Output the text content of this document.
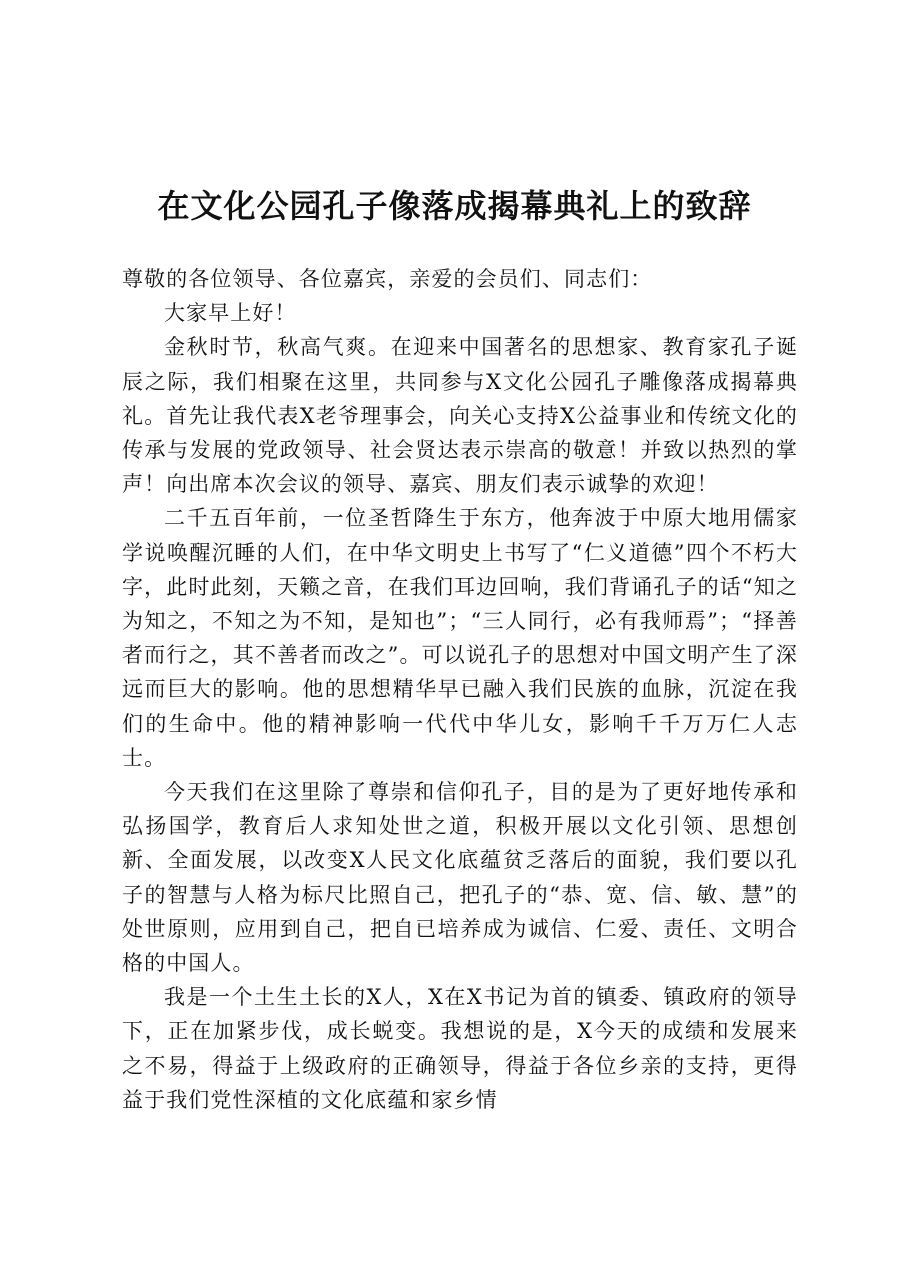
在文化公园孔子像落成揭幕典礼上的致辞

尊敬的各位领导、各位嘉宾，亲爱的会员们、同志们：

大家早上好！

金秋时节，秋高气爽。在迎来中国著名的思想家、教育家孔子诞辰之际，我们相聚在这里，共同参与X文化公园孔子雕像落成揭幕典礼。首先让我代表X老爷理事会，向关心支持X公益事业和传统文化的传承与发展的党政领导、社会贤达表示崇高的敬意！并致以热烈的掌声！向出席本次会议的领导、嘉宾、朋友们表示诚挚的欢迎！

二千五百年前，一位圣哲降生于东方，他奔波于中原大地用儒家学说唤醒沉睡的人们，在中华文明史上书写了“仁义道德”四个不朽大字，此时此刻，天籁之音，在我们耳边回响，我们背诵孔子的话“知之为知之，不知之为不知，是知也”；“三人同行，必有我师焉”；“择善者而行之，其不善者而改之”。可以说孔子的思想对中国文明产生了深远而巨大的影响。他的思想精华早已融入我们民族的血脉，沉淀在我们的生命中。他的精神影响一代代中华儿女，影响千千万万仁人志士。

今天我们在这里除了尊崇和信仰孔子，目的是为了更好地传承和弘扬国学，教育后人求知处世之道，积极开展以文化引领、思想创新、全面发展，以改变X人民文化底蕴贫乏落后的面貌，我们要以孔子的智慧与人格为标尺比照自己，把孔子的“恭、宽、信、敏、慧”的处世原则，应用到自己，把自已培养成为诚信、仁爱、责任、文明合格的中国人。

我是一个土生土长的X人，X在X书记为首的镇委、镇政府的领导下，正在加紧步伐，成长蜕变。我想说的是，X今天的成绩和发展来之不易，得益于上级政府的正确领导，得益于各位乡亲的支持，更得益于我们党性深植的文化底蕴和家乡情
